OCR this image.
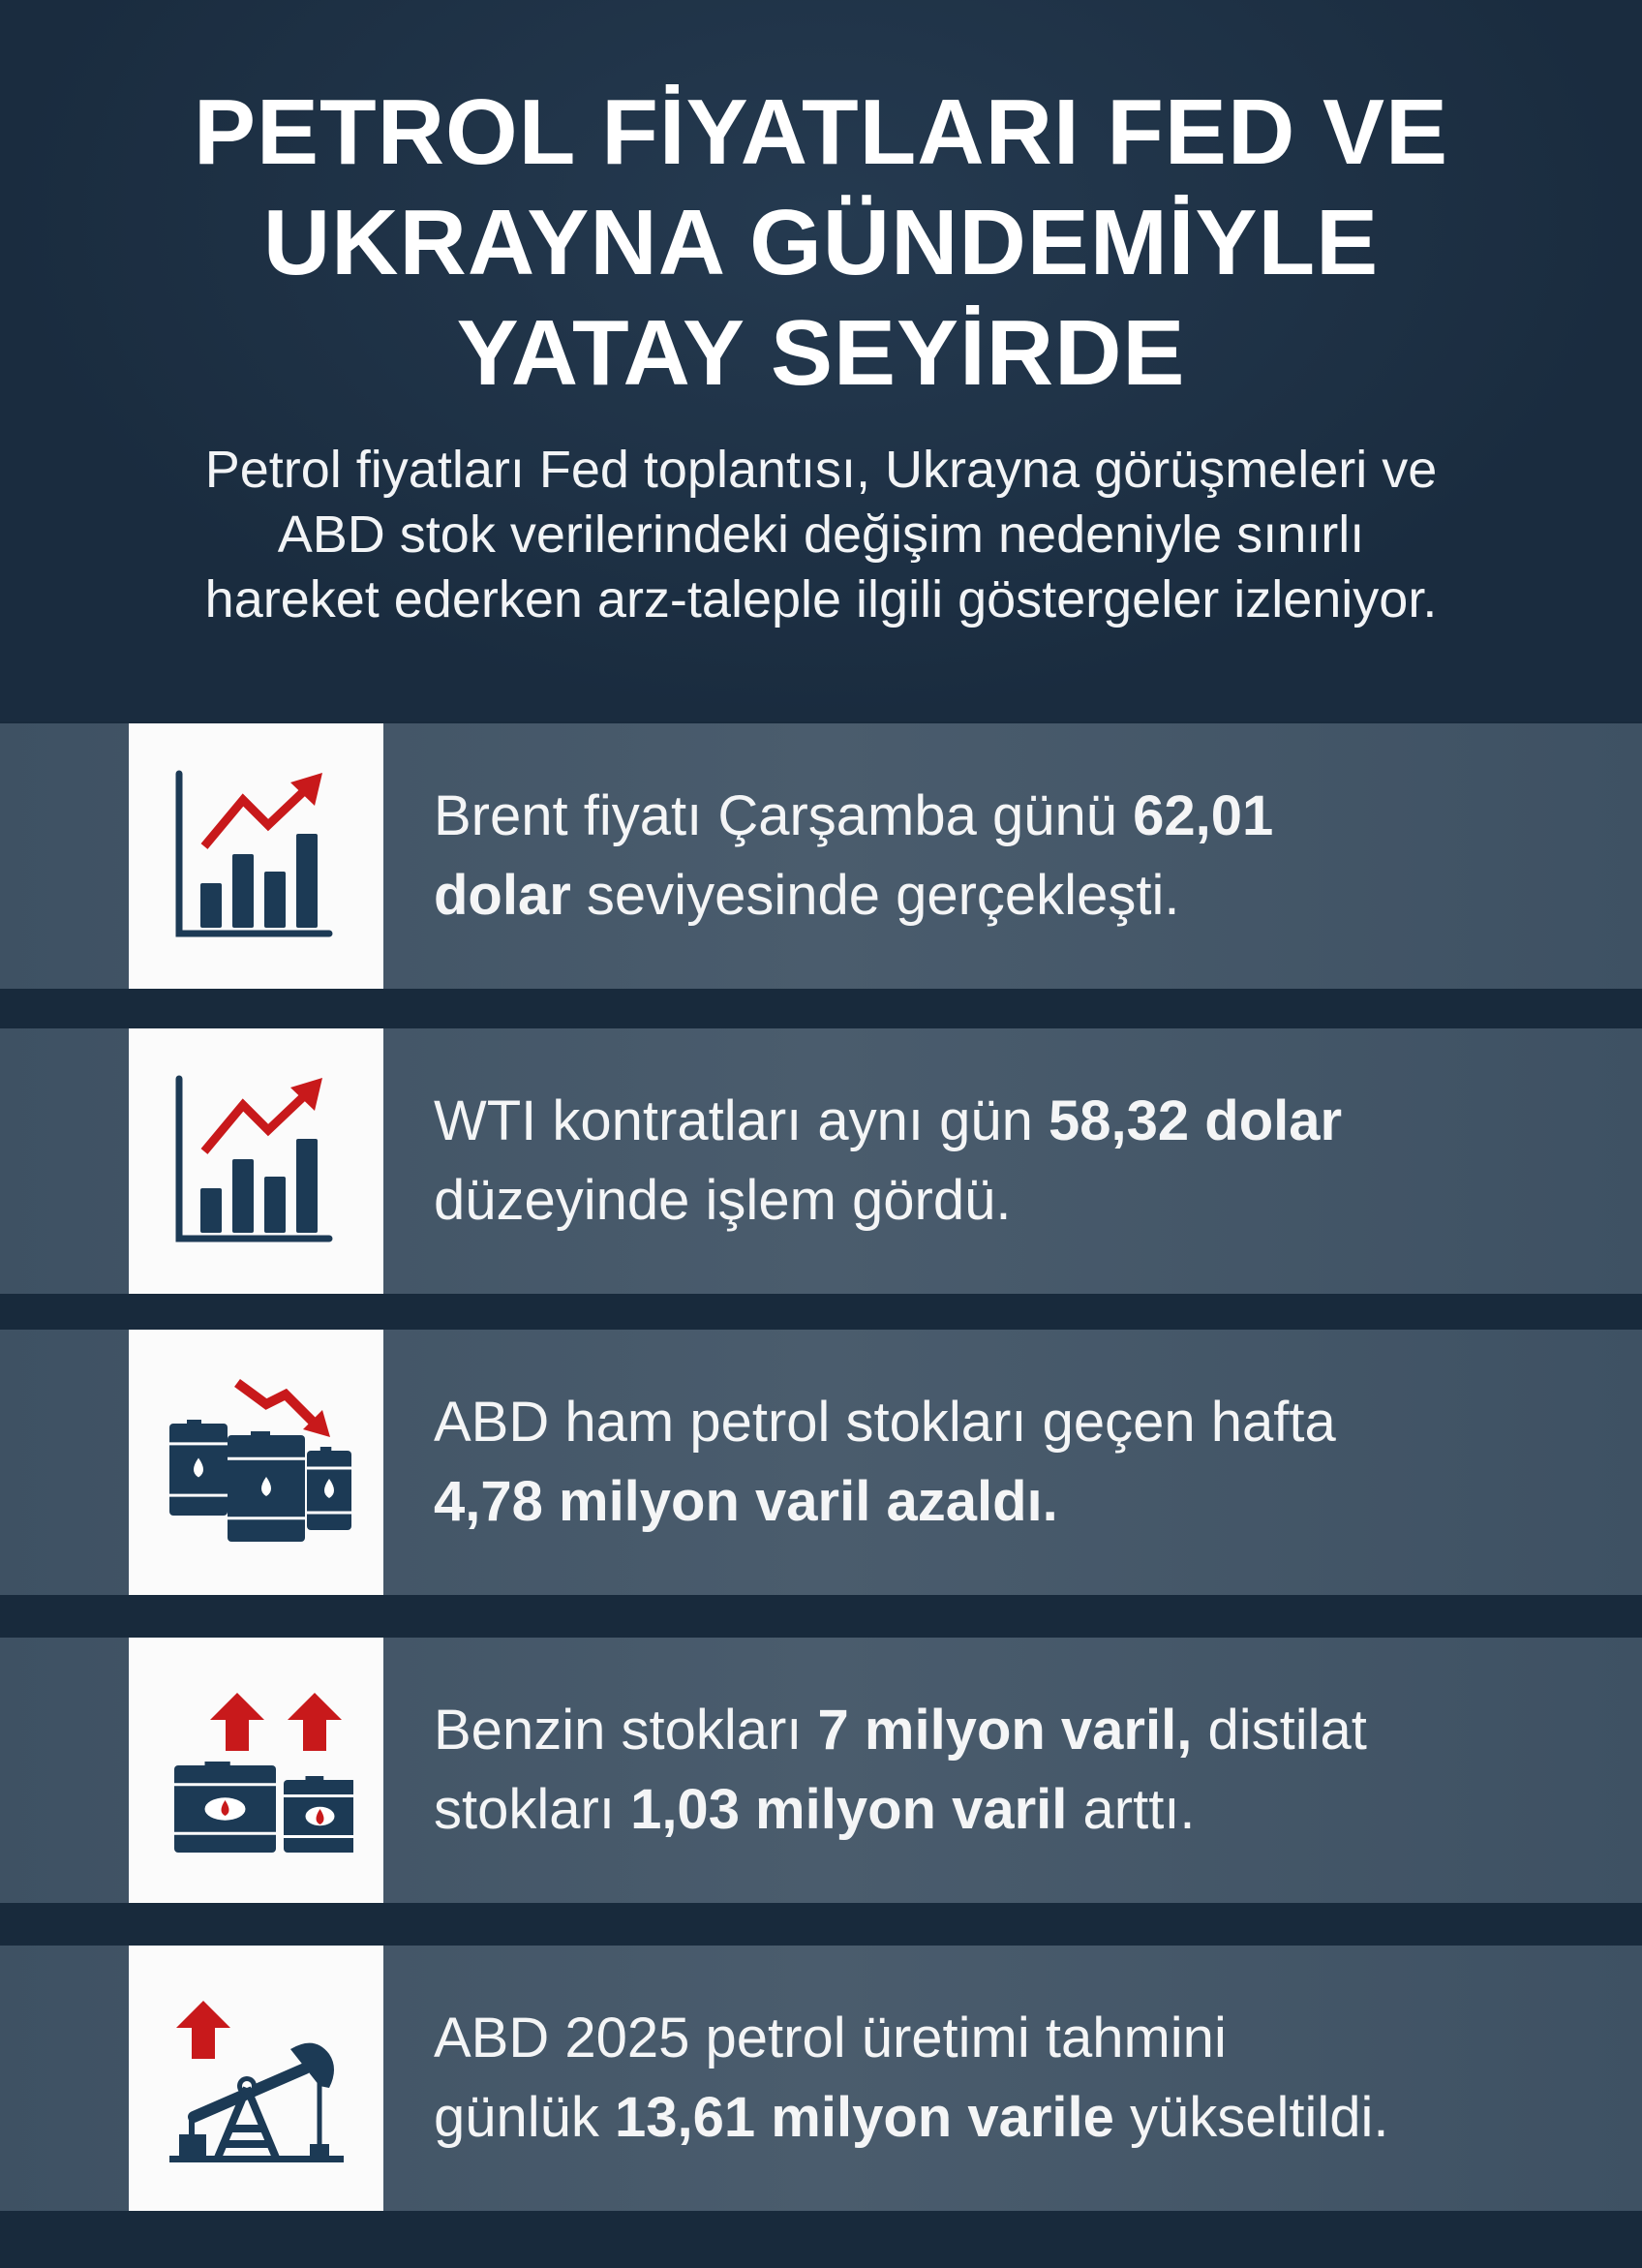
PETROL FİYATLARI FED VE
UKRAYNA GÜNDEMİYLE
YATAY SEYİRDE
Petrol fiyatları Fed toplantısı, Ukrayna görüşmeleri ve
ABD stok verilerindeki değişim nedeniyle sınırlı
hareket ederken arz-taleple ilgili göstergeler izleniyor.
Brent fiyatı Çarşamba günü 62,01
dolar seviyesinde gerçekleşti.
WTI kontratları aynı gün 58,32 dolar
düzeyinde işlem gördü.
ABD ham petrol stokları geçen hafta
4,78 milyon varil azaldı.
Benzin stokları 7 milyon varil, distilat
stokları 1,03 milyon varil arttı.
ABD 2025 petrol üretimi tahmini
günlük 13,61 milyon varile yükseltildi.
